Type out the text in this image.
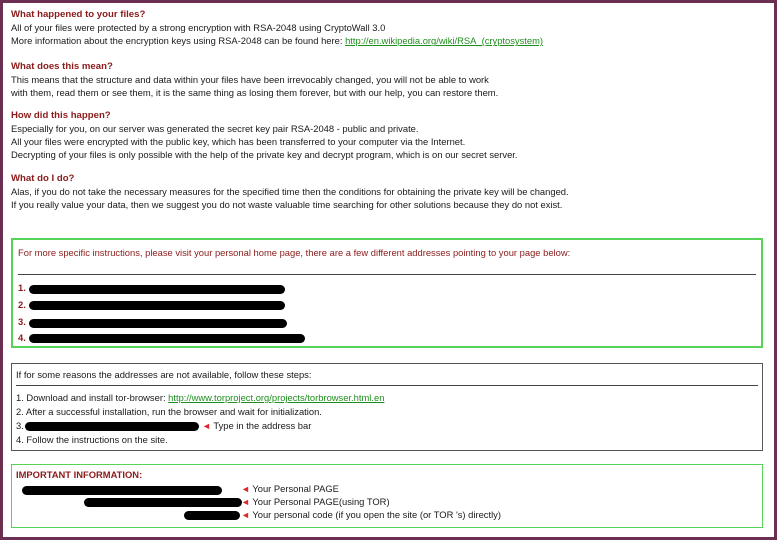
What happened to your files?
All of your files were protected by a strong encryption with RSA-2048 using CryptoWall 3.0
More information about the encryption keys using RSA-2048 can be found here: http://en.wikipedia.org/wiki/RSA_(cryptosystem)
What does this mean?
This means that the structure and data within your files have been irrevocably changed, you will not be able to work
with them, read them or see them, it is the same thing as losing them forever, but with our help, you can restore them.
How did this happen?
Especially for you, on our server was generated the secret key pair RSA-2048 - public and private.
All your files were encrypted with the public key, which has been transferred to your computer via the Internet.
Decrypting of your files is only possible with the help of the private key and decrypt program, which is on our secret server.
What do I do?
Alas, if you do not take the necessary measures for the specified time then the conditions for obtaining the private key will be changed.
If you really value your data, then we suggest you do not waste valuable time searching for other solutions because they do not exist.
For more specific instructions, please visit your personal home page, there are a few different addresses pointing to your page below:
1.
2.
3.
4.
If for some reasons the addresses are not available, follow these steps:
1. Download and install tor-browser: http://www.torproject.org/projects/torbrowser.html.en
2. After a successful installation, run the browser and wait for initialization.
3.	◄ Type in the address bar
4. Follow the instructions on the site.
IMPORTANT INFORMATION:
◄ Your Personal PAGE
◄ Your Personal PAGE(using TOR)
◄ Your personal code (if you open the site (or TOR 's) directly)
